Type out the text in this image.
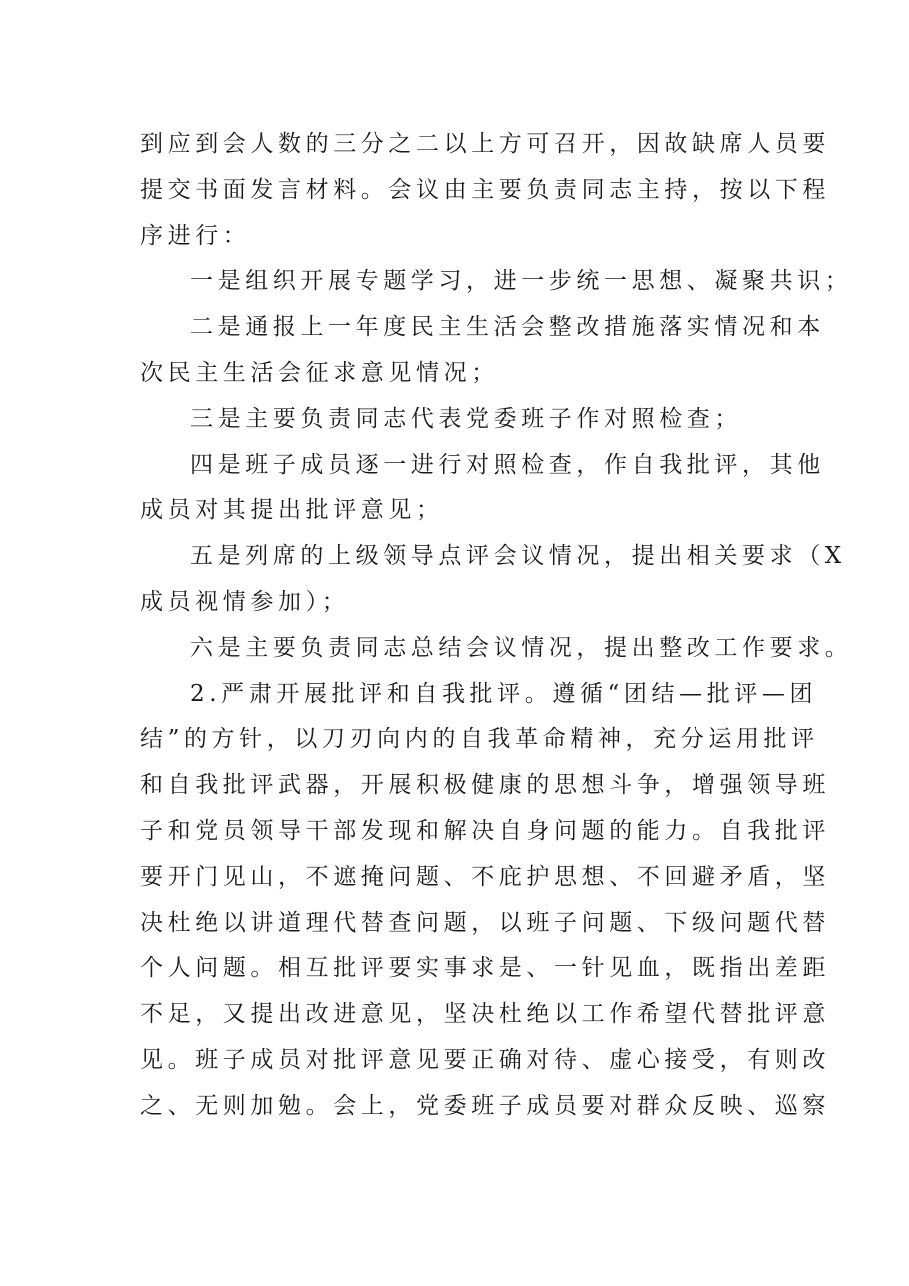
到应到会人数的三分之二以上方可召开，因故缺席人员要
提交书面发言材料。会议由主要负责同志主持，按以下程
序进行：
一是组织开展专题学习，进一步统一思想、凝聚共识；
二是通报上一年度民主生活会整改措施落实情况和本
次民主生活会征求意见情况；
三是主要负责同志代表党委班子作对照检查；
四是班子成员逐一进行对照检查，作自我批评，其他
成员对其提出批评意见；
五是列席的上级领导点评会议情况，提出相关要求（X
成员视情参加）；
六是主要负责同志总结会议情况，提出整改工作要求。
2.严肃开展批评和自我批评。遵循“团结—批评—团
结”的方针，以刀刃向内的自我革命精神，充分运用批评
和自我批评武器，开展积极健康的思想斗争，增强领导班
子和党员领导干部发现和解决自身问题的能力。自我批评
要开门见山，不遮掩问题、不庇护思想、不回避矛盾，坚
决杜绝以讲道理代替查问题，以班子问题、下级问题代替
个人问题。相互批评要实事求是、一针见血，既指出差距
不足，又提出改进意见，坚决杜绝以工作希望代替批评意
见。班子成员对批评意见要正确对待、虚心接受，有则改
之、无则加勉。会上，党委班子成员要对群众反映、巡察
